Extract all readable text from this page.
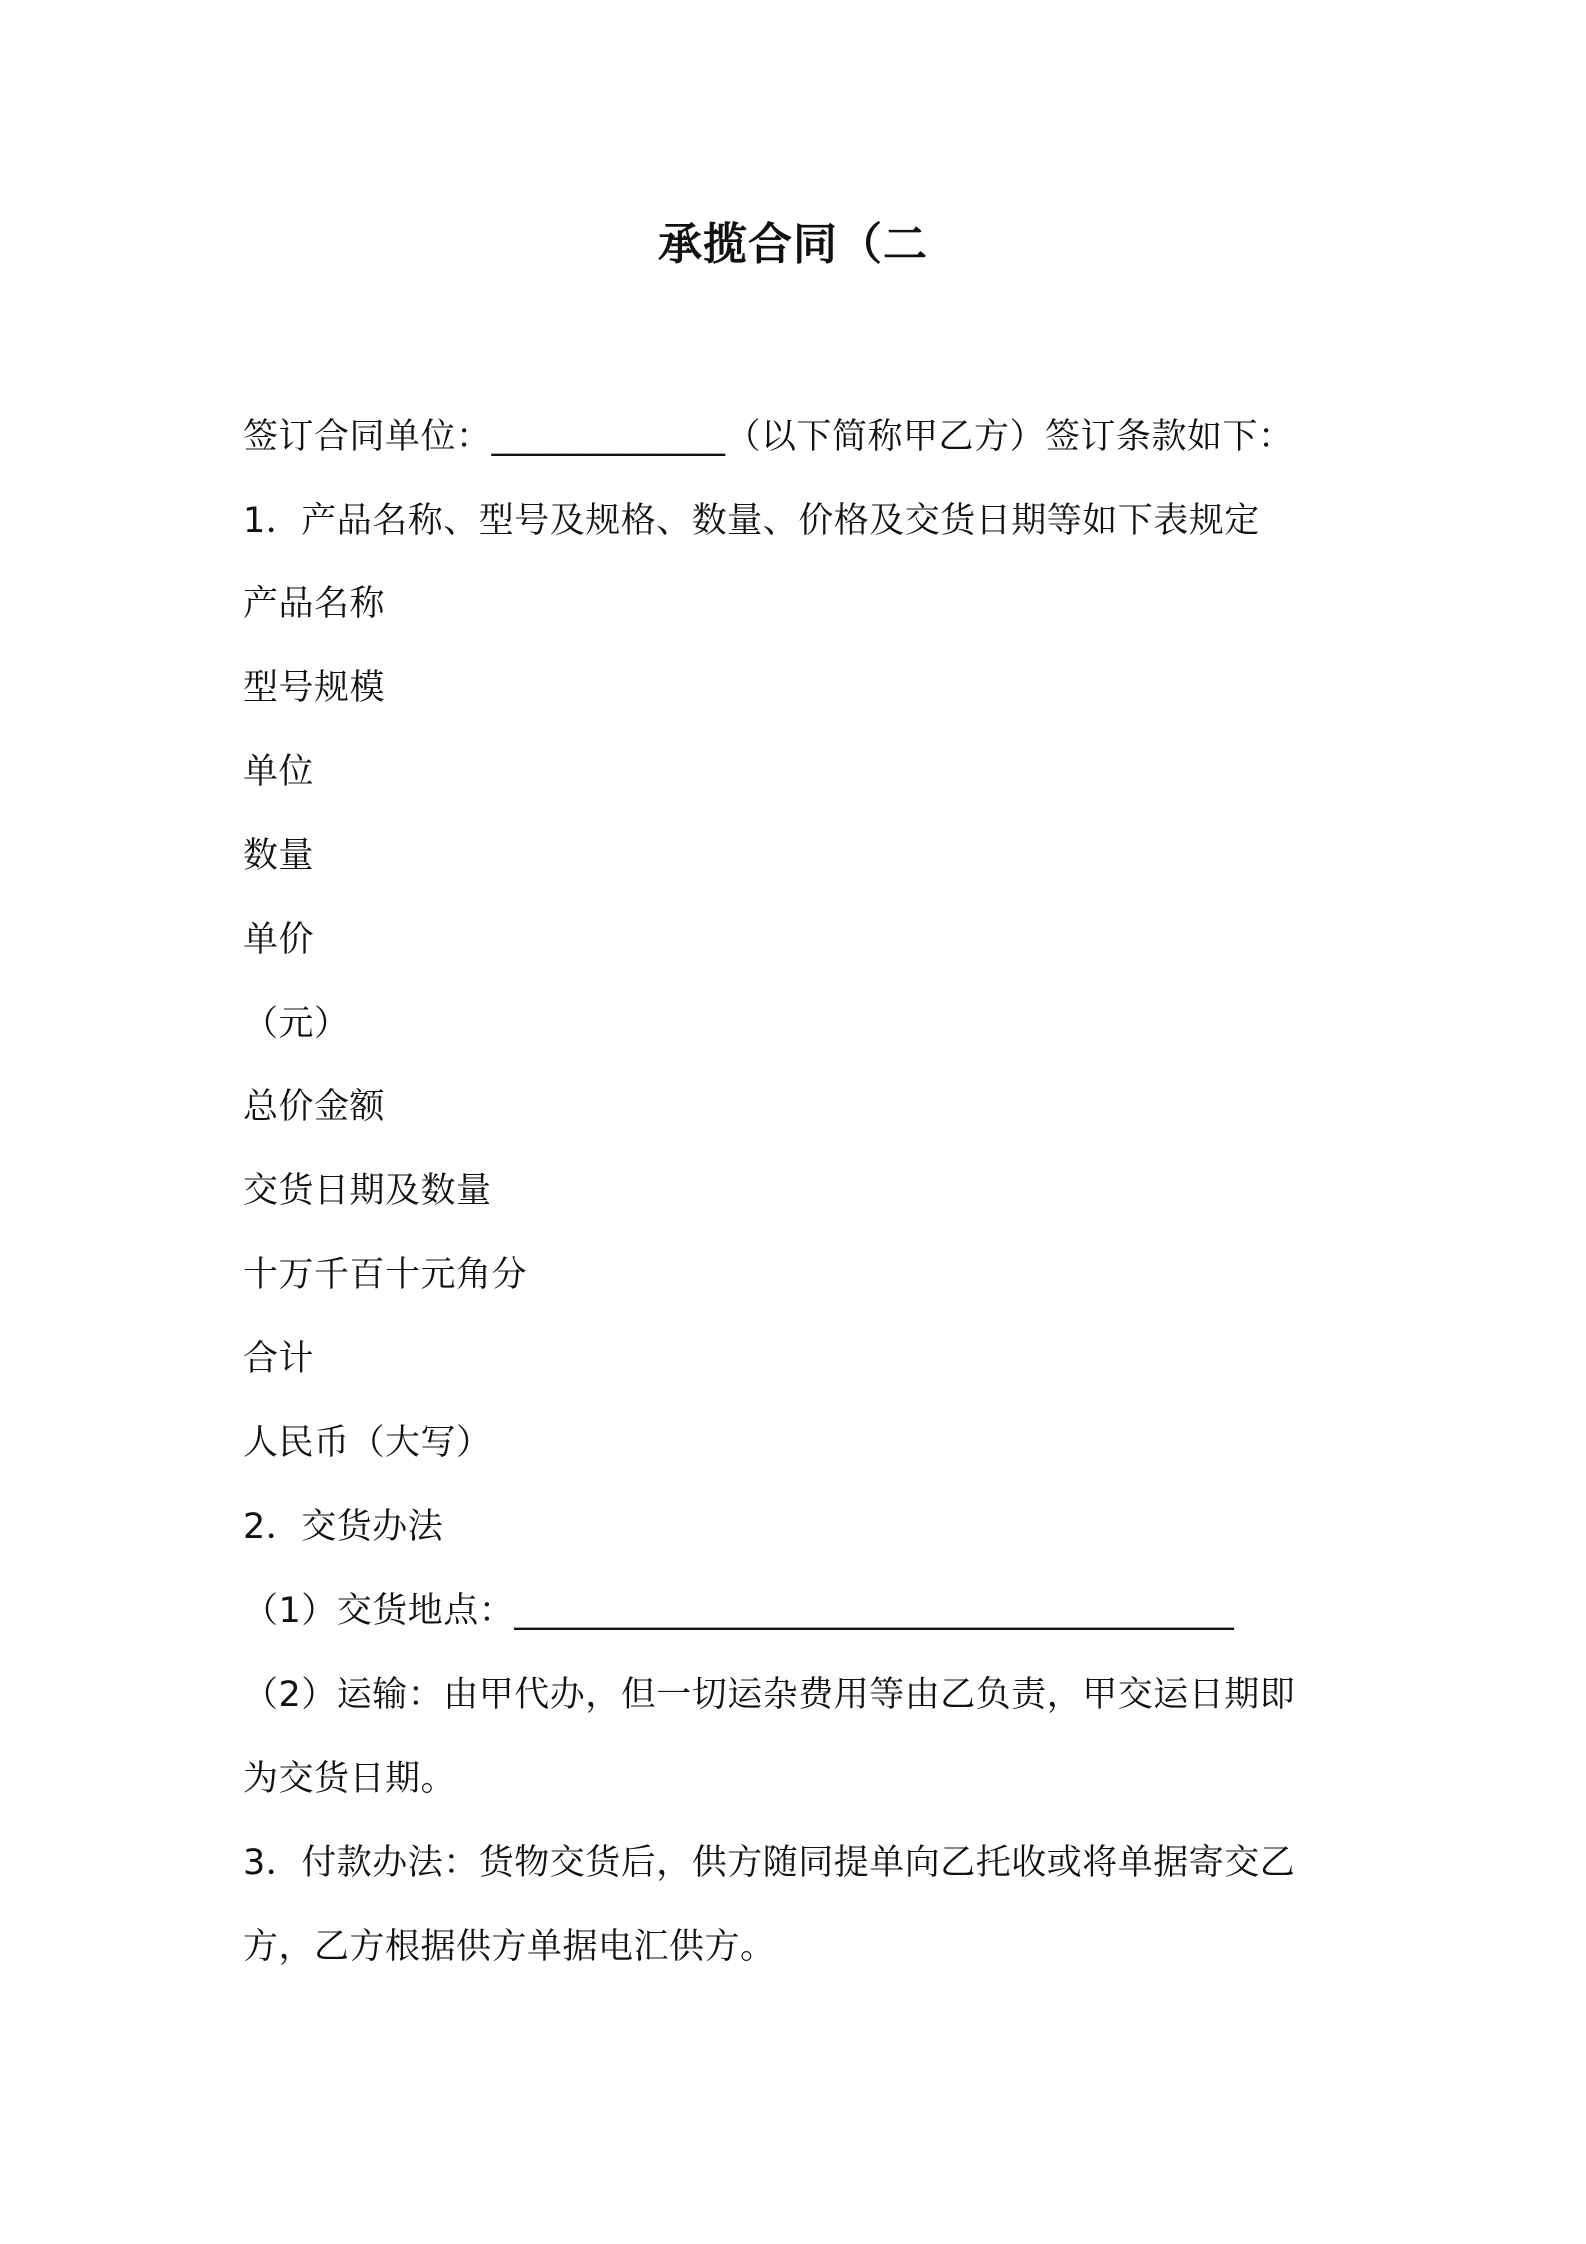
承揽合同（二
签订合同单位：_____________（以下简称甲乙方）签订条款如下：
1．产品名称、型号及规格、数量、价格及交货日期等如下表规定
产品名称
型号规模
单位
数量
单价
（元）
总价金额
交货日期及数量
十万千百十元角分
合计
人民币（大写）
2．交货办法
（1）交货地点：________________________________________
（2）运输：由甲代办，但一切运杂费用等由乙负责，甲交运日期即
为交货日期。
3．付款办法：货物交货后，供方随同提单向乙托收或将单据寄交乙
方，乙方根据供方单据电汇供方。
